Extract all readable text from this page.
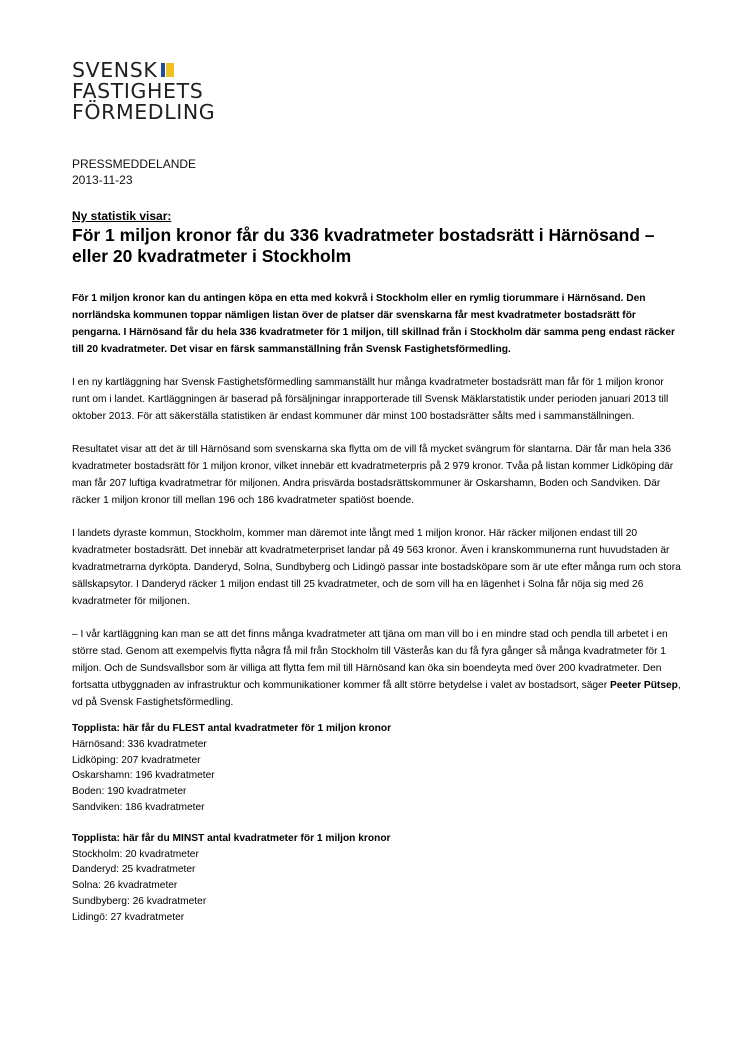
SVENSK
FASTIGHETS
FÖRMEDLING
PRESSMEDDELANDE
2013-11-23
Ny statistik visar:
För 1 miljon kronor får du 336 kvadratmeter bostadsrätt i Härnösand – eller 20 kvadratmeter i Stockholm

För 1 miljon kronor kan du antingen köpa en etta med kokvrå i Stockholm eller en rymlig tiorummare i Härnösand. Den norrländska kommunen toppar nämligen listan över de platser där svenskarna får mest kvadratmeter bostadsrätt för pengarna. I Härnösand får du hela 336 kvadratmeter för 1 miljon, till skillnad från i Stockholm där samma peng endast räcker till 20 kvadratmeter. Det visar en färsk sammanställning från Svensk Fastighetsförmedling.

I en ny kartläggning har Svensk Fastighetsförmedling sammanställt hur många kvadratmeter bostadsrätt man får för 1 miljon kronor runt om i landet. Kartläggningen är baserad på försäljningar inrapporterade till Svensk Mäklarstatistik under perioden januari 2013 till oktober 2013. För att säkerställa statistiken är endast kommuner där minst 100 bostadsrätter sålts med i sammanställningen.

Resultatet visar att det är till Härnösand som svenskarna ska flytta om de vill få mycket svängrum för slantarna. Där får man hela 336 kvadratmeter bostadsrätt för 1 miljon kronor, vilket innebär ett kvadratmeterpris på 2 979 kronor. Tvåa på listan kommer Lidköping där man får 207 luftiga kvadratmetrar för miljonen. Andra prisvärda bostadsrättskommuner är Oskarshamn, Boden och Sandviken. Där räcker 1 miljon kronor till mellan 196 och 186 kvadratmeter spatiöst boende.

I landets dyraste kommun, Stockholm, kommer man däremot inte långt med 1 miljon kronor. Här räcker miljonen endast till 20 kvadratmeter bostadsrätt. Det innebär att kvadratmeterpriset landar på 49 563 kronor. Även i kranskommunerna runt huvudstaden är kvadratmetrarna dyrköpta. Danderyd, Solna, Sundbyberg och Lidingö passar inte bostadsköpare som är ute efter många rum och stora sällskapsytor. I Danderyd räcker 1 miljon endast till 25 kvadratmeter, och de som vill ha en lägenhet i Solna får nöja sig med 26 kvadratmeter för miljonen.

– I vår kartläggning kan man se att det finns många kvadratmeter att tjäna om man vill bo i en mindre stad och pendla till arbetet i en större stad. Genom att exempelvis flytta några få mil från Stockholm till Västerås kan du få fyra gånger så många kvadratmeter för 1 miljon. Och de Sundsvallsbor som är villiga att flytta fem mil till Härnösand kan öka sin boendeyta med över 200 kvadratmeter. Den fortsatta utbyggnaden av infrastruktur och kommunikationer kommer få allt större betydelse i valet av bostadsort, säger Peeter Pütsep, vd på Svensk Fastighetsförmedling.

Topplista: här får du FLEST antal kvadratmeter för 1 miljon kronor
Härnösand: 336 kvadratmeter
Lidköping: 207 kvadratmeter
Oskarshamn: 196 kvadratmeter
Boden: 190 kvadratmeter
Sandviken: 186 kvadratmeter
Topplista: här får du MINST antal kvadratmeter för 1 miljon kronor
Stockholm: 20 kvadratmeter
Danderyd: 25 kvadratmeter
Solna: 26 kvadratmeter
Sundbyberg: 26 kvadratmeter
Lidingö: 27 kvadratmeter
